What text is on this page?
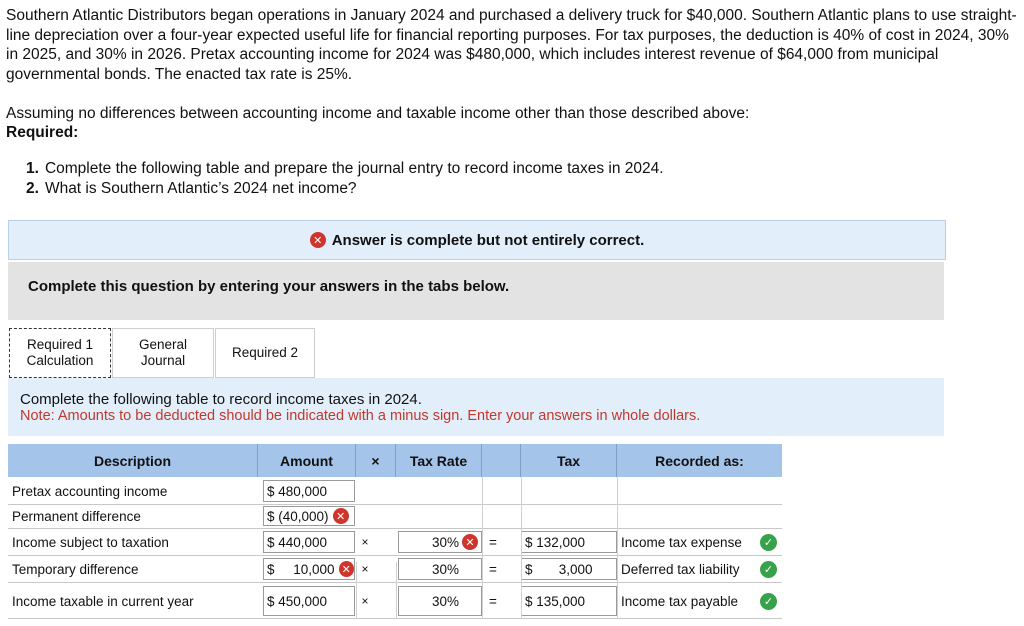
Southern Atlantic Distributors began operations in January 2024 and purchased a delivery truck for $40,000. Southern Atlantic plans to use straight-line depreciation over a four-year expected useful life for financial reporting purposes. For tax purposes, the deduction is 40% of cost in 2024, 30% in 2025, and 30% in 2026. Pretax accounting income for 2024 was $480,000, which includes interest revenue of $64,000 from municipal governmental bonds. The enacted tax rate is 25%.
Assuming no differences between accounting income and taxable income other than those described above:
Required:
1. Complete the following table and prepare the journal entry to record income taxes in 2024.
2. What is Southern Atlantic’s 2024 net income?
✕ Answer is complete but not entirely correct.
Complete this question by entering your answers in the tabs below.
Required 1
Calculation
General
Journal
Required 2
Complete the following table to record income taxes in 2024.
Note: Amounts to be deducted should be indicated with a minus sign. Enter your answers in whole dollars.
Description	Amount	×	Tax Rate	Tax	Recorded as:
Pretax accounting income	$ 480,000
Permanent difference	$ (40,000) ✕
Income subject to taxation	$ 440,000	×	30% ✕ = $ 132,000	Income tax expense	✓
Temporary difference	$     10,000 ✕ ×	30% = $       3,000 Deferred tax liability	✓
Income taxable in current year	$ 450,000	×	30% = $ 135,000	Income tax payable	✓
